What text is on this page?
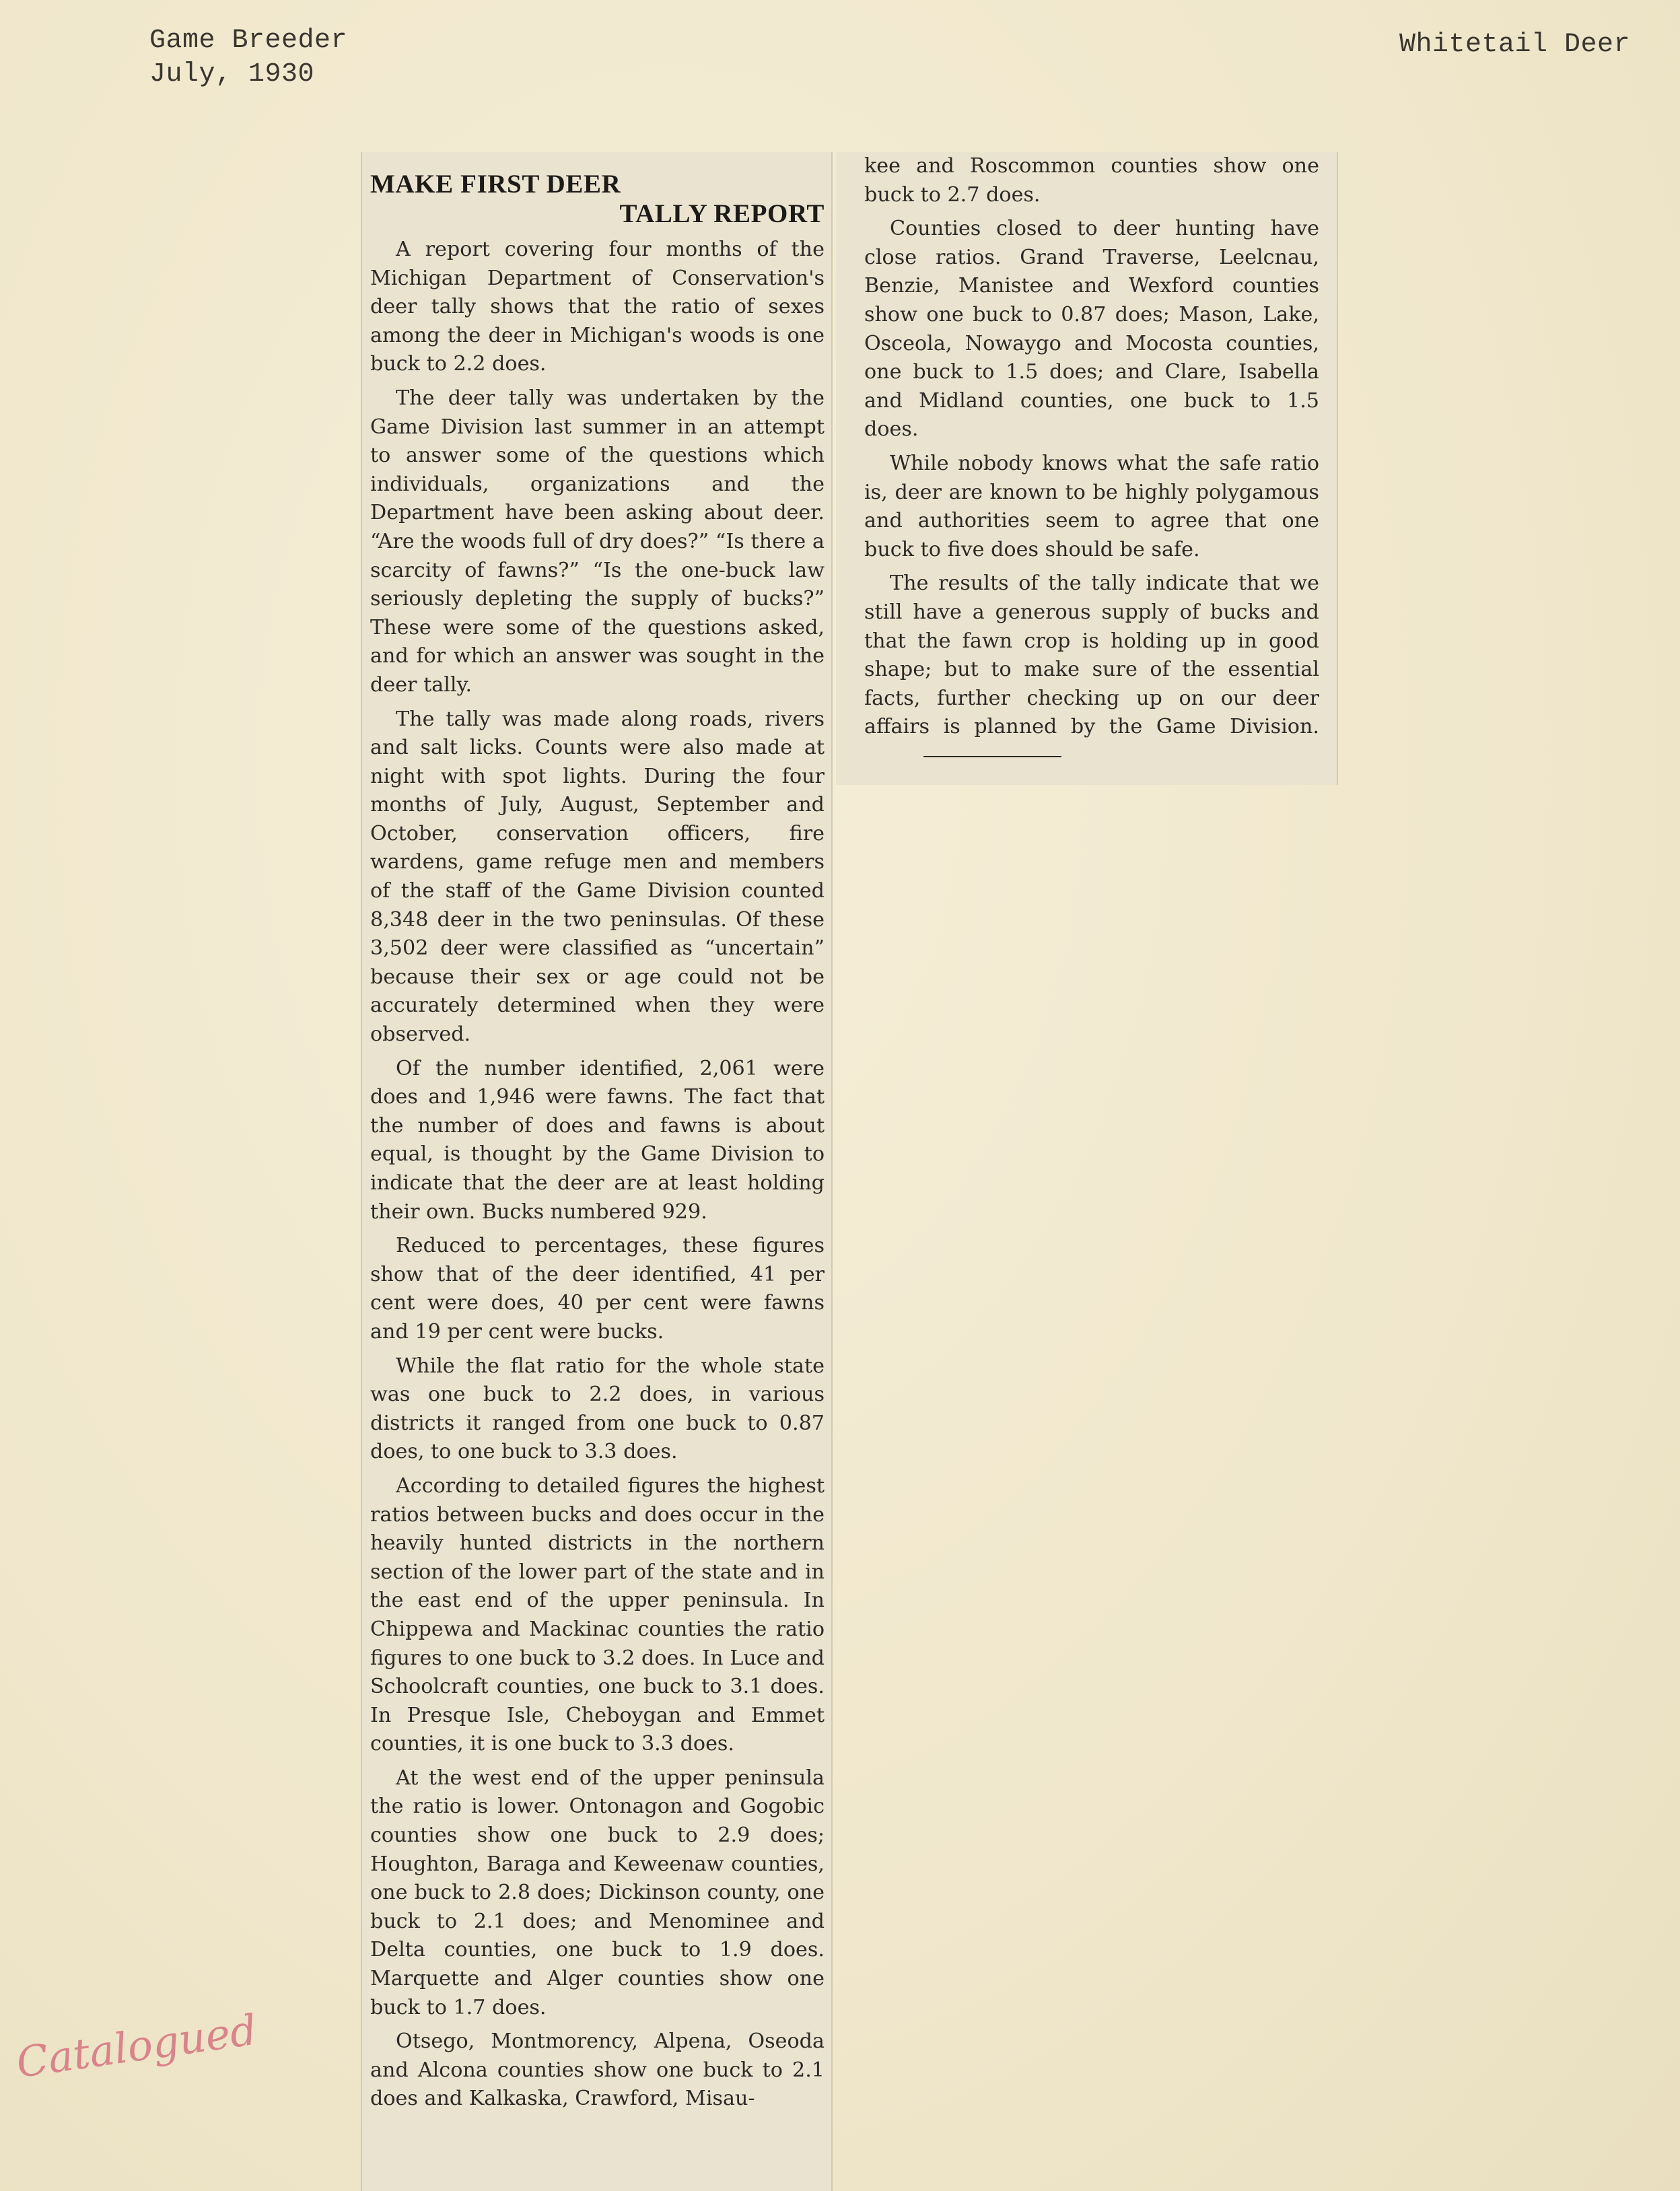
Game Breeder
July, 1930
Whitetail Deer
MAKE FIRST DEER
TALLY REPORT

A report covering four months of the Michigan Department of Conservation's deer tally shows that the ratio of sexes among the deer in Michigan's woods is one buck to 2.2 does.

The deer tally was undertaken by the Game Division last summer in an attempt to answer some of the questions which individuals, organizations and the Department have been asking about deer. “Are the woods full of dry does?” “Is there a scarcity of fawns?” “Is the one-buck law seriously depleting the supply of bucks?” These were some of the questions asked, and for which an answer was sought in the deer tally.

The tally was made along roads, rivers and salt licks. Counts were also made at night with spot lights. During the four months of July, August, September and October, conservation officers, fire wardens, game refuge men and members of the staff of the Game Division counted 8,348 deer in the two peninsulas. Of these 3,502 deer were classified as “uncertain” because their sex or age could not be accurately determined when they were observed.

Of the number identified, 2,061 were does and 1,946 were fawns. The fact that the number of does and fawns is about equal, is thought by the Game Division to indicate that the deer are at least holding their own. Bucks numbered 929.

Reduced to percentages, these figures show that of the deer identified, 41 per cent were does, 40 per cent were fawns and 19 per cent were bucks.

While the flat ratio for the whole state was one buck to 2.2 does, in various districts it ranged from one buck to 0.87 does, to one buck to 3.3 does.

According to detailed figures the highest ratios between bucks and does occur in the heavily hunted districts in the northern section of the lower part of the state and in the east end of the upper peninsula. In Chippewa and Mackinac counties the ratio figures to one buck to 3.2 does. In Luce and Schoolcraft counties, one buck to 3.1 does. In Presque Isle, Cheboygan and Emmet counties, it is one buck to 3.3 does.

At the west end of the upper peninsula the ratio is lower. Ontonagon and Gogobic counties show one buck to 2.9 does; Houghton, Baraga and Keweenaw counties, one buck to 2.8 does; Dickinson county, one buck to 2.1 does; and Menominee and Delta counties, one buck to 1.9 does. Marquette and Alger counties show one buck to 1.7 does.

Otsego, Montmorency, Alpena, Oseoda and Alcona counties show one buck to 2.1 does and Kalkaska, Crawford, Misau-

kee and Roscommon counties show one buck to 2.7 does.

Counties closed to deer hunting have close ratios. Grand Traverse, Leelcnau, Benzie, Manistee and Wexford counties show one buck to 0.87 does; Mason, Lake, Osceola, Nowaygo and Mocosta counties, one buck to 1.5 does; and Clare, Isabella and Midland counties, one buck to 1.5 does.

While nobody knows what the safe ratio is, deer are known to be highly polygamous and authorities seem to agree that one buck to five does should be safe.

The results of the tally indicate that we still have a generous supply of bucks and that the fawn crop is holding up in good shape; but to make sure of the essential facts, further checking up on our deer affairs is planned by the Game Division.

Catalogued
